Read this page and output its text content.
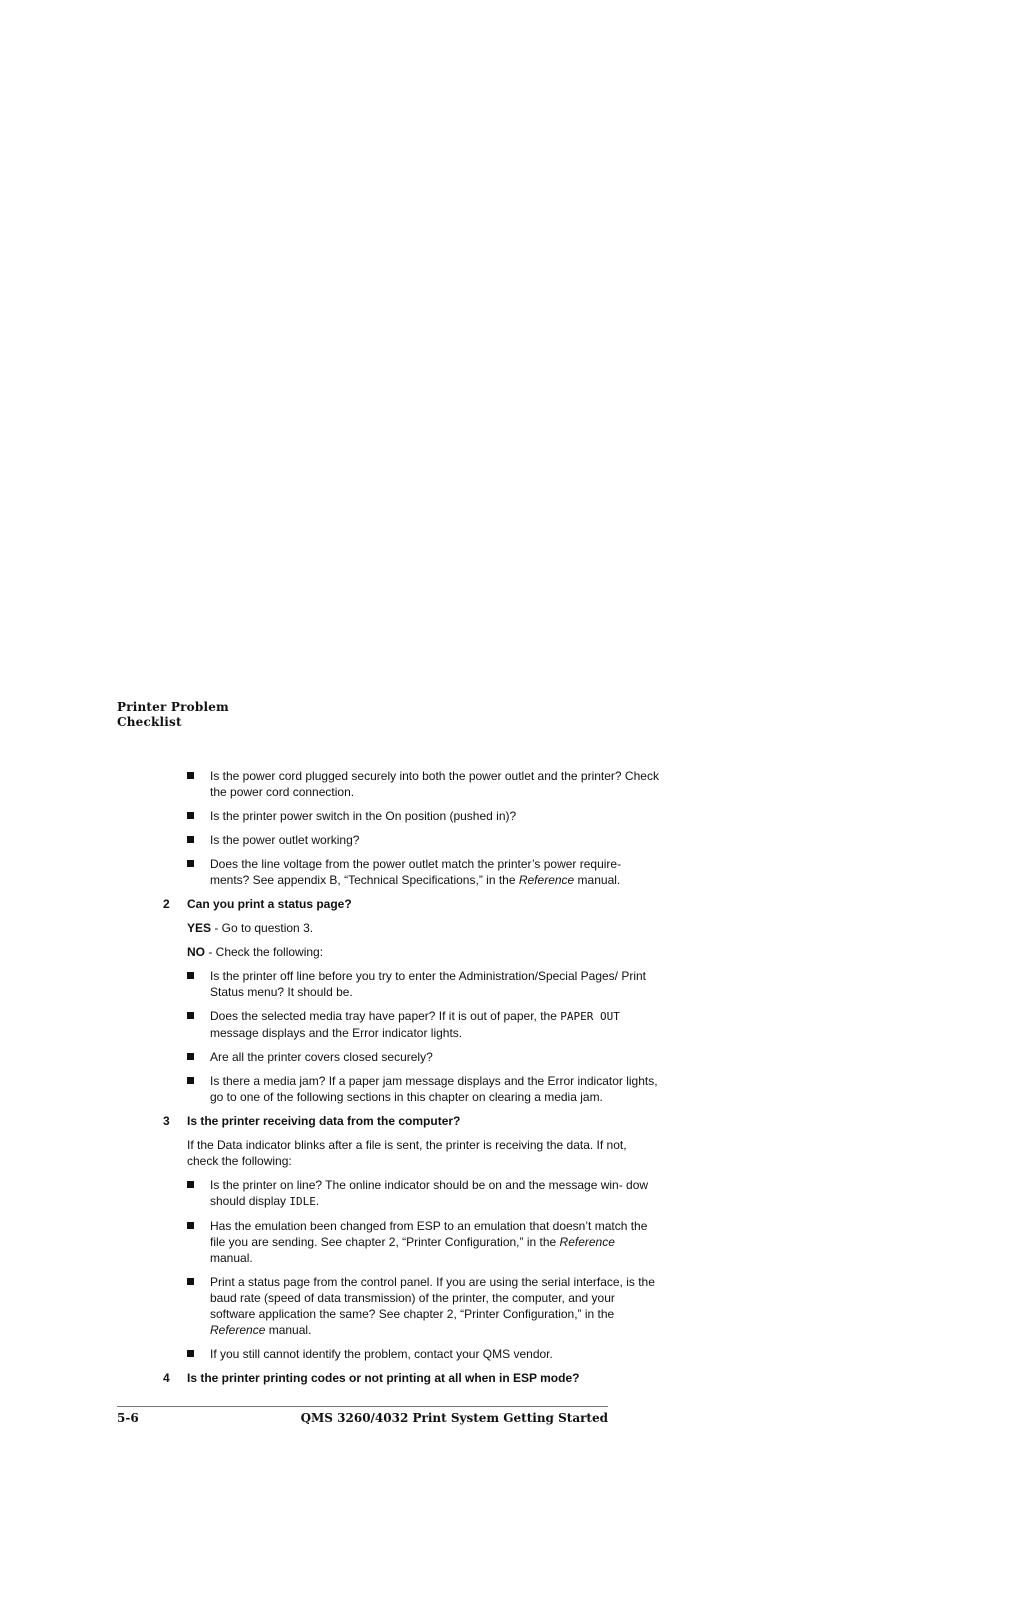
Printer Problem
Checklist
Is the power cord plugged securely into both the power outlet and the printer? Check the power cord connection.
Is the printer power switch in the On position (pushed in)?
Is the power outlet working?
Does the line voltage from the power outlet match the printer’s power require- ments? See appendix B, “Technical Specifications,” in the Reference manual.
2 Can you print a status page?
YES - Go to question 3.
NO - Check the following:
Is the printer off line before you try to enter the Administration/Special Pages/ Print Status menu? It should be.
Does the selected media tray have paper? If it is out of paper, the PAPER OUT message displays and the Error indicator lights.
Are all the printer covers closed securely?
Is there a media jam? If a paper jam message displays and the Error indicator lights, go to one of the following sections in this chapter on clearing a media jam.
3 Is the printer receiving data from the computer?
If the Data indicator blinks after a file is sent, the printer is receiving the data. If not, check the following:
Is the printer on line? The online indicator should be on and the message win- dow should display IDLE.
Has the emulation been changed from ESP to an emulation that doesn’t match the file you are sending. See chapter 2, “Printer Configuration,” in the Reference manual.
Print a status page from the control panel. If you are using the serial interface, is the baud rate (speed of data transmission) of the printer, the computer, and your software application the same? See chapter 2, “Printer Configuration,” in the Reference manual.
If you still cannot identify the problem, contact your QMS vendor.
4 Is the printer printing codes or not printing at all when in ESP mode?
5-6	QMS 3260/4032 Print System Getting Started
